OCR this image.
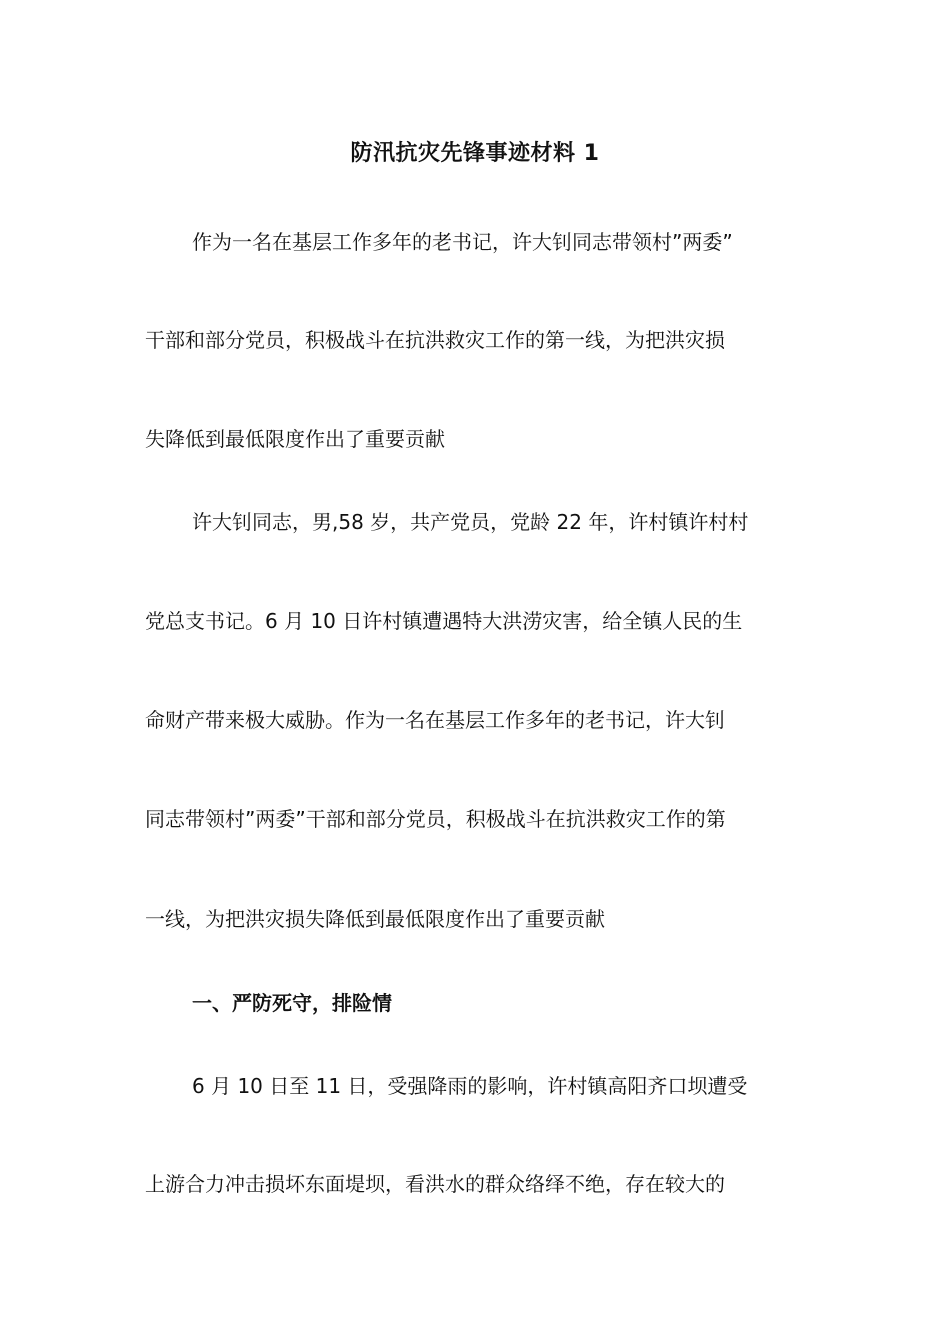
防汛抗灾先锋事迹材料 1
作为一名在基层工作多年的老书记，许大钊同志带领村”两委”
干部和部分党员，积极战斗在抗洪救灾工作的第一线，为把洪灾损
失降低到最低限度作出了重要贡献
许大钊同志，男,58 岁，共产党员，党龄 22 年，许村镇许村村
党总支书记。6 月 10 日许村镇遭遇特大洪涝灾害，给全镇人民的生
命财产带来极大威胁。作为一名在基层工作多年的老书记，许大钊
同志带领村”两委”干部和部分党员，积极战斗在抗洪救灾工作的第
一线，为把洪灾损失降低到最低限度作出了重要贡献
一、严防死守，排险情
6 月 10 日至 11 日，受强降雨的影响，许村镇高阳齐口坝遭受
上游合力冲击损坏东面堤坝，看洪水的群众络绎不绝，存在较大的
